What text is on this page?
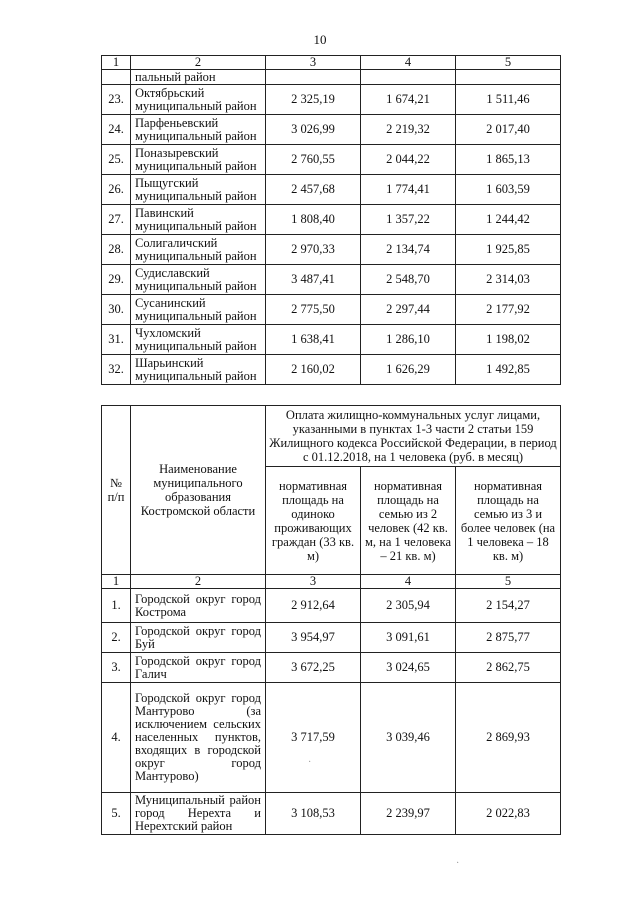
10
1	2	3	4	5
	пальный район			
23.	Октябрьский муниципальный район	2 325,19	1 674,21	1 511,46
24.	Парфеньевский муниципальный район	3 026,99	2 219,32	2 017,40
25.	Поназыревский муниципальный район	2 760,55	2 044,22	1 865,13
26.	Пыщугский муниципальный район	2 457,68	1 774,41	1 603,59
27.	Павинский муниципальный район	1 808,40	1 357,22	1 244,42
28.	Солигаличский муниципальный район	2 970,33	2 134,74	1 925,85
29.	Судиславский муниципальный район	3 487,41	2 548,70	2 314,03
30.	Сусанинский муниципальный район	2 775,50	2 297,44	2 177,92
31.	Чухломский муниципальный район	1 638,41	1 286,10	1 198,02
32.	Шарьинский муниципальный район	2 160,02	1 626,29	1 492,85
№ п/п	Наименование муниципального образования Костромской области	Оплата жилищно-коммунальных услуг лицами, указанными в пунктах 1-3 части 2 статьи 159 Жилищного кодекса Российской Федерации, в период с 01.12.2018, на 1 человека (руб. в месяц)		
		нормативная площадь на одиноко проживающих граждан (33 кв. м)	нормативная площадь на семью из 2 человек (42 кв. м, на 1 человека – 21 кв. м)	нормативная площадь на семью из 3 и более человек (на 1 человека – 18 кв. м)
1	2	3	4	5
1.	Городской округ город Кострома	2 912,64	2 305,94	2 154,27
2.	Городской округ город Буй	3 954,97	3 091,61	2 875,77
3.	Городской округ город Галич	3 672,25	3 024,65	2 862,75
4.	Городской округ город Мантурово (за исключением сельских населенных пунктов, входящих в городской округ город Мантурово)	3 717,59	3 039,46	2 869,93
5.	Муниципальный район город Нерехта и Нерехтский район	3 108,53	2 239,97	2 022,83
·
·
